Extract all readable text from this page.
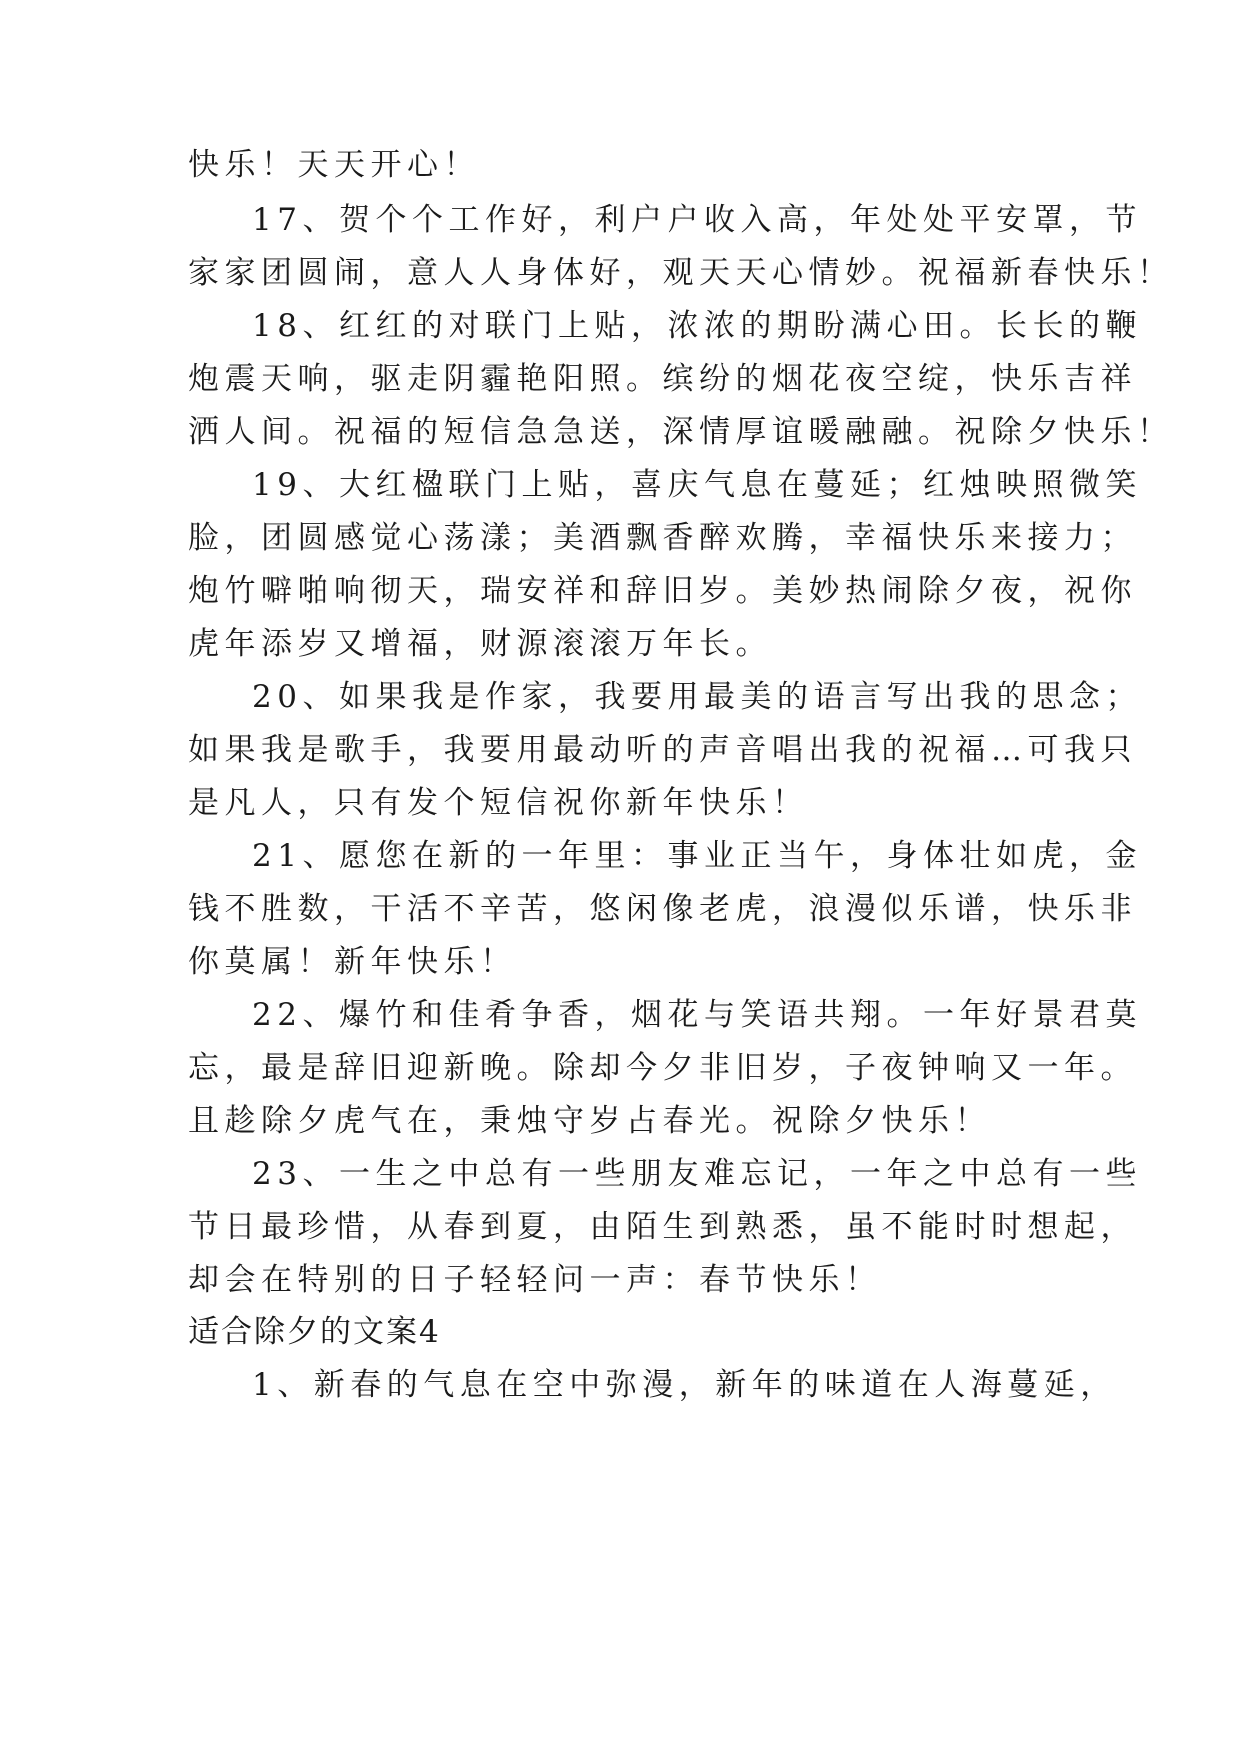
快乐！天天开心！
17、贺个个工作好，利户户收入高，年处处平安罩，节
家家团圆闹，意人人身体好，观天天心情妙。祝福新春快乐！
18、红红的对联门上贴，浓浓的期盼满心田。长长的鞭
炮震天响，驱走阴霾艳阳照。缤纷的烟花夜空绽，快乐吉祥
洒人间。祝福的短信急急送，深情厚谊暖融融。祝除夕快乐！
19、大红楹联门上贴，喜庆气息在蔓延；红烛映照微笑
脸，团圆感觉心荡漾；美酒飘香醉欢腾，幸福快乐来接力；
炮竹噼啪响彻天，瑞安祥和辞旧岁。美妙热闹除夕夜，祝你
虎年添岁又增福，财源滚滚万年长。
20、如果我是作家，我要用最美的语言写出我的思念；
如果我是歌手，我要用最动听的声音唱出我的祝福…可我只
是凡人，只有发个短信祝你新年快乐！
21、愿您在新的一年里：事业正当午，身体壮如虎，金
钱不胜数，干活不辛苦，悠闲像老虎，浪漫似乐谱，快乐非
你莫属！新年快乐！
22、爆竹和佳肴争香，烟花与笑语共翔。一年好景君莫
忘，最是辞旧迎新晚。除却今夕非旧岁，子夜钟响又一年。
且趁除夕虎气在，秉烛守岁占春光。祝除夕快乐！
23、一生之中总有一些朋友难忘记，一年之中总有一些
节日最珍惜，从春到夏，由陌生到熟悉，虽不能时时想起，
却会在特别的日子轻轻问一声：春节快乐！
适合除夕的文案4
1、新春的气息在空中弥漫，新年的味道在人海蔓延，
